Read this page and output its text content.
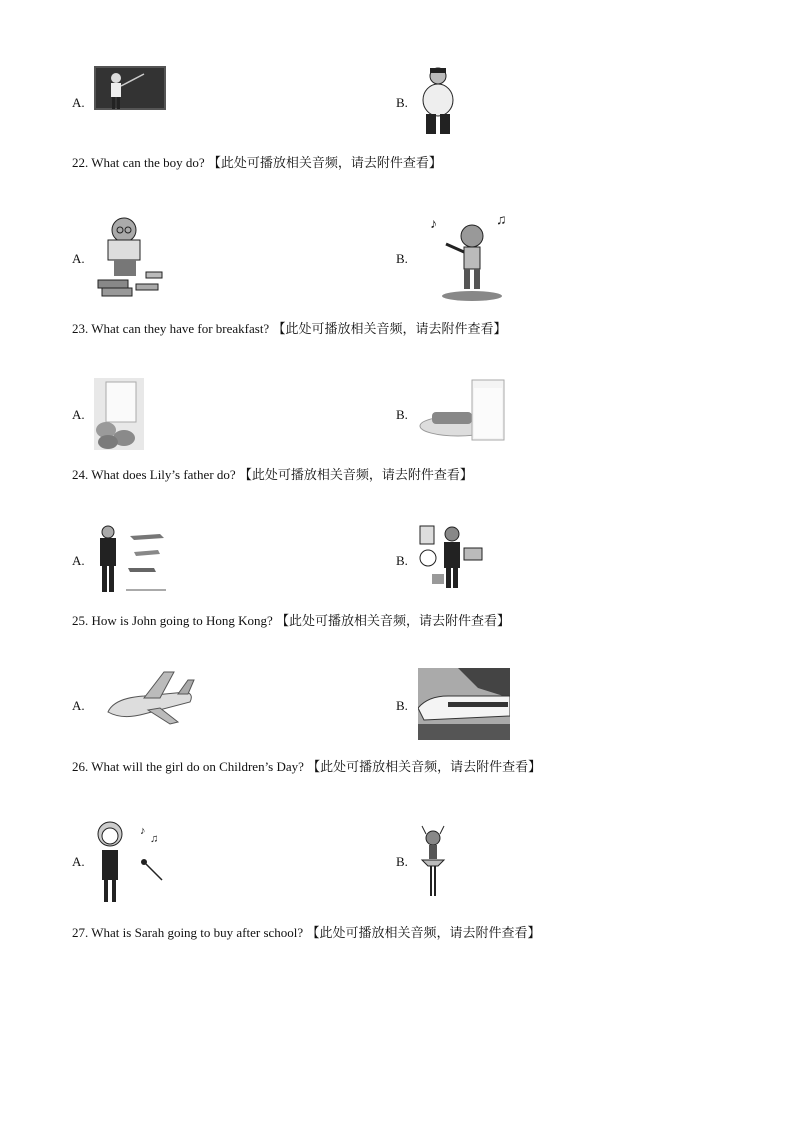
A.	B.
22. What can the boy do? 【此处可播放相关音频，请去附件查看】
A.	B.
♪	♫
23. What can they have for breakfast? 【此处可播放相关音频，请去附件查看】
A.	B.
24. What does Lily’s father do? 【此处可播放相关音频，请去附件查看】
A.	B.
25. How is John going to Hong Kong? 【此处可播放相关音频，请去附件查看】
A.	B.
26. What will the girl do on Children’s Day? 【此处可播放相关音频，请去附件查看】
A.
♪
♫
B.
27. What is Sarah going to buy after school? 【此处可播放相关音频，请去附件查看】
